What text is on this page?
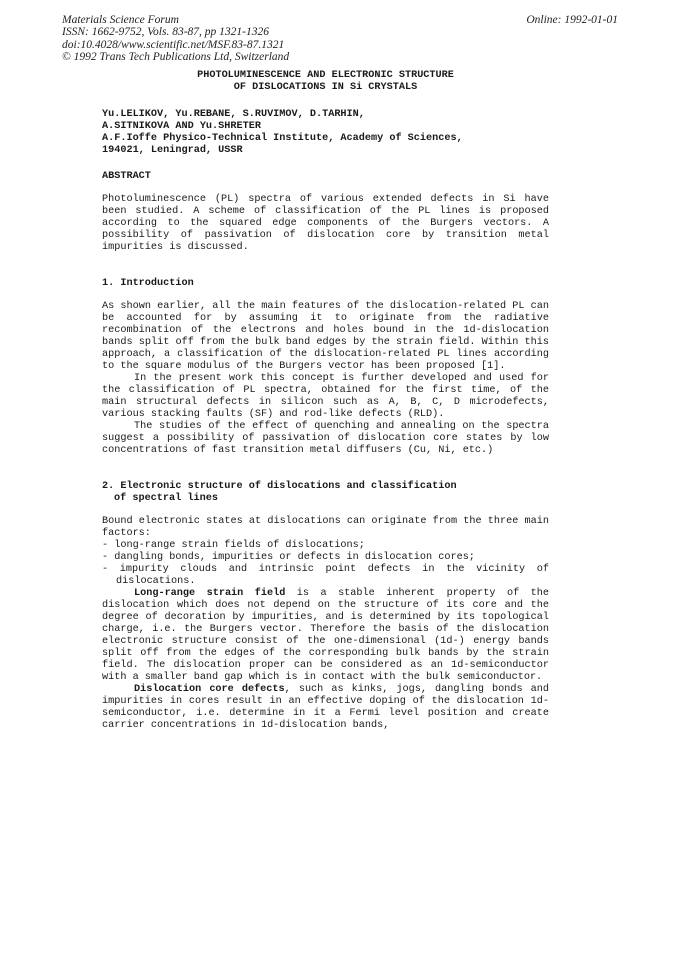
Materials Science Forum
ISSN: 1662-9752, Vols. 83-87, pp 1321-1326
doi:10.4028/www.scientific.net/MSF.83-87.1321
© 1992 Trans Tech Publications Ltd, Switzerland
Online: 1992-01-01
PHOTOLUMINESCENCE AND ELECTRONIC STRUCTURE
OF DISLOCATIONS IN Si CRYSTALS
Yu.LELIKOV, Yu.REBANE, S.RUVIMOV, D.TARHIN,
A.SITNIKOVA AND Yu.SHRETER
A.F.Ioffe Physico-Technical Institute, Academy of Sciences,
194021, Leningrad, USSR
ABSTRACT

Photoluminescence (PL) spectra of various extended defects in Si have been studied. A scheme of classification of the PL lines is proposed according to the squared edge components of the Burgers vectors. A possibility of passivation of dislocation core by transition metal impurities is discussed.

1. Introduction

As shown earlier, all the main features of the dislocation-related PL can be accounted for by assuming it to originate from the radiative recombination of the electrons and holes bound in the 1d-dislocation bands split off from the bulk band edges by the strain field. Within this approach, a classification of the dislocation-related PL lines according to the square modulus of the Burgers vector has been proposed [1].

In the present work this concept is further developed and used for the classification of PL spectra, obtained for the first time, of the main structural defects in silicon such as A, B, C, D microdefects, various stacking faults (SF) and rod-like defects (RLD).

The studies of the effect of quenching and annealing on the spectra suggest a possibility of passivation of dislocation core states by low concentrations of fast transition metal diffusers (Cu, Ni, etc.)

2. Electronic structure of dislocations and classification
of spectral lines

Bound electronic states at dislocations can originate from the three main factors:

- long-range strain fields of dislocations;
- dangling bonds, impurities or defects in dislocation cores;
- impurity clouds and intrinsic point defects in the vicinity of dislocations.

Long-range strain field is a stable inherent property of the dislocation which does not depend on the structure of its core and the degree of decoration by impurities, and is determined by its topological charge, i.e. the Burgers vector. Therefore the basis of the dislocation electronic structure consist of the one-dimensional (1d-) energy bands split off from the edges of the corresponding bulk bands by the strain field. The dislocation proper can be considered as an 1d-semiconductor with a smaller band gap which is in contact with the bulk semiconductor.

Dislocation core defects, such as kinks, jogs, dangling bonds and impurities in cores result in an effective doping of the dislocation 1d-semiconductor, i.e. determine in it a Fermi level position and create carrier concentrations in 1d-dislocation bands,
